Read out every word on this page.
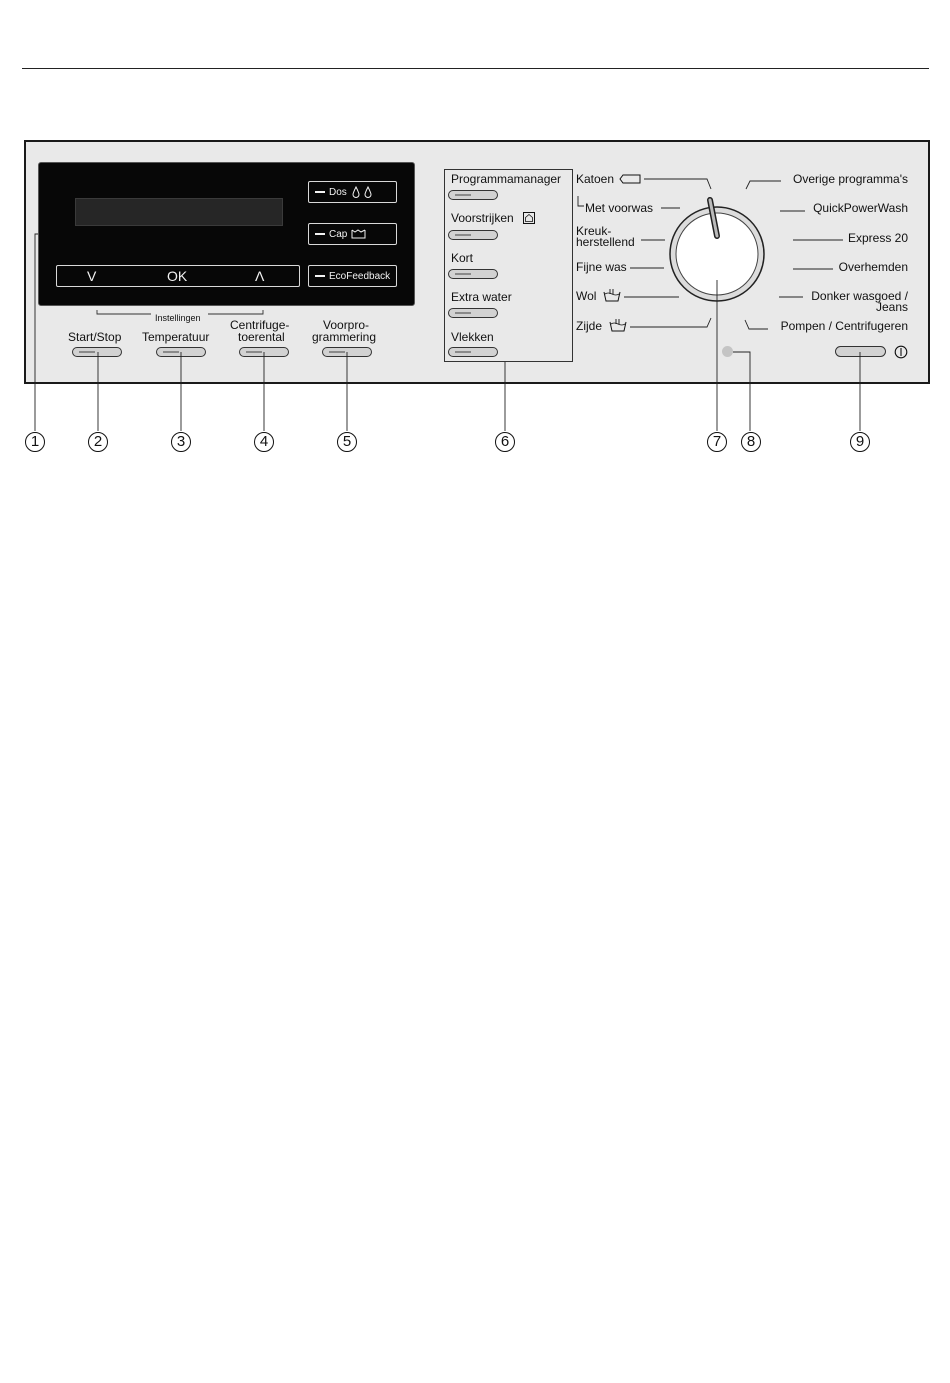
V	OK	Λ
Dos
Cap
EcoFeedback
Instellingen
Start/Stop Temperatuur
Centrifuge-
toerental
Voorpro-
grammering
Programmamanager
Voorstrijken
Kort
Extra water
Vlekken
Katoen
Met voorwas
Kreuk-
herstellend
Fijne was
Wol
Zijde
Overige programma's
QuickPowerWash
Express 20
Overhemden
Donker wasgoed /
Jeans
Pompen / Centrifugeren
1	2	3	4	5	6	7	8	9
